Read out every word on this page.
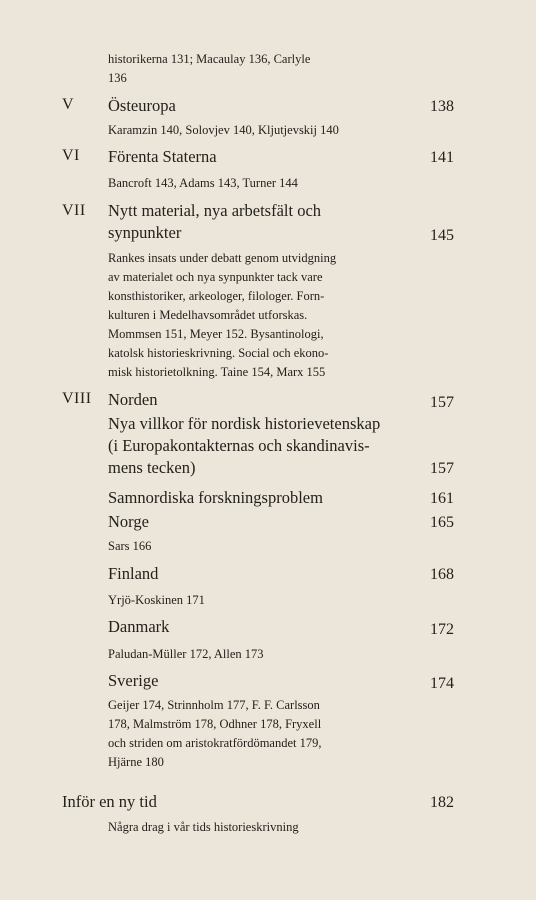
historikerna 131; Macaulay 136, Carlyle
136
V Östeuropa	138
Karamzin 140, Solovjev 140, Kljutjevskij 140
VI Förenta Staterna	141
Bancroft 143, Adams 143, Turner 144
VII Nytt material, nya arbetsfält och
synpunkter	145
Rankes insats under debatt genom utvidgning
av materialet och nya synpunkter tack vare
konsthistoriker, arkeologer, filologer. Forn-
kulturen i Medelhavsområdet utforskas.
Mommsen 151, Meyer 152. Bysantinologi,
katolsk historieskrivning. Social och ekono-
misk historietolkning. Taine 154, Marx 155
VIII Norden	157
Nya villkor för nordisk historievetenskap
(i Europakontakternas och skandinavis-
mens tecken)	157
Samnordiska forskningsproblem	161
Norge	165
Sars 166
Finland	168
Yrjö-Koskinen 171
Danmark	172
Paludan-Müller 172, Allen 173
Sverige	174
Geijer 174, Strinnholm 177, F. F. Carlsson
178, Malmström 178, Odhner 178, Fryxell
och striden om aristokratfördömandet 179,
Hjärne 180
Inför en ny tid	182
Några drag i vår tids historieskrivning
